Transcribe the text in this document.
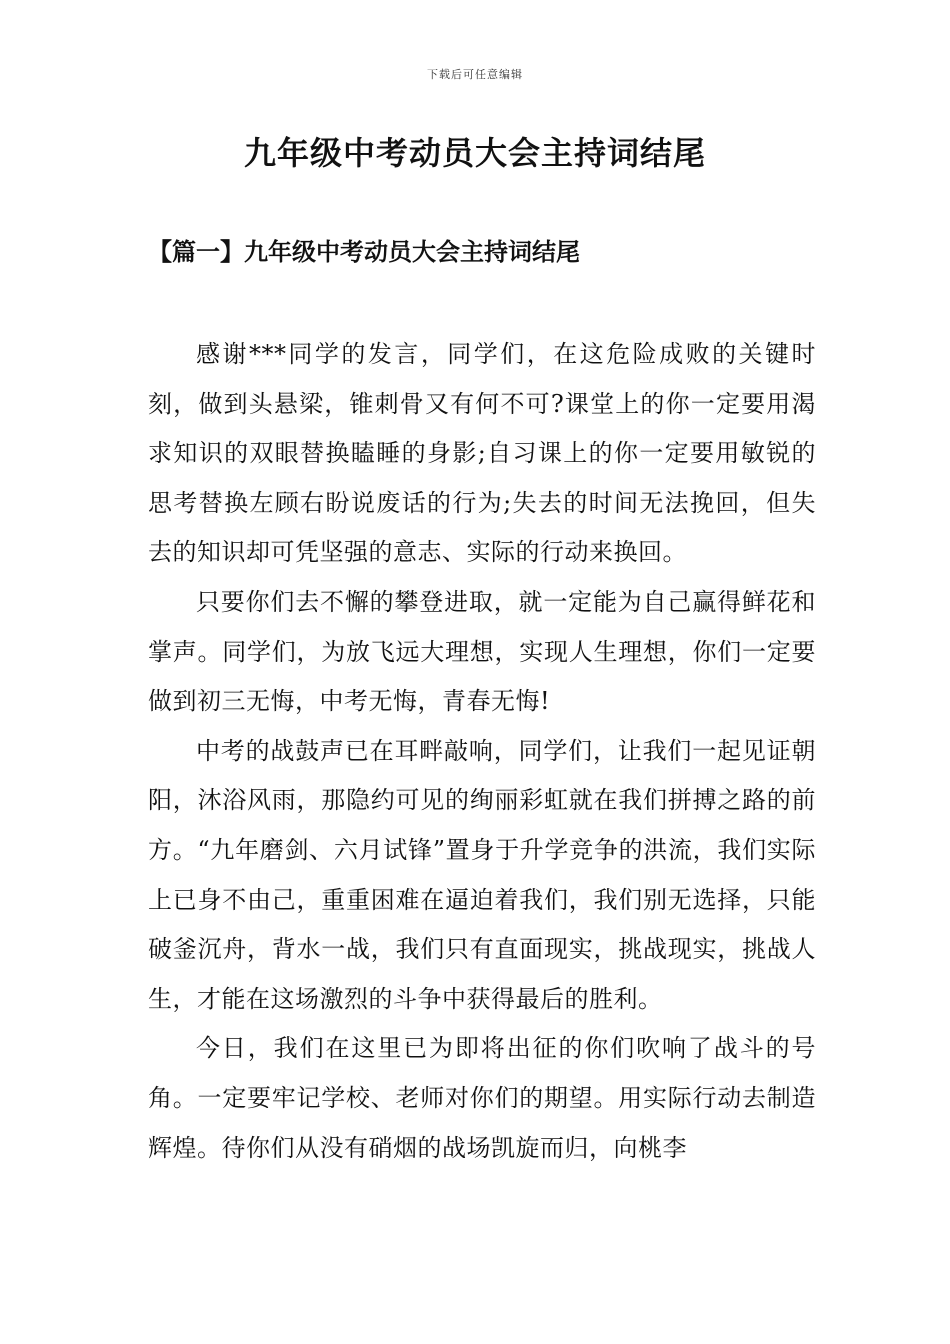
下载后可任意编辑
九年级中考动员大会主持词结尾
【篇一】九年级中考动员大会主持词结尾

感谢***同学的发言，同学们，在这危险成败的关键时刻，做到头悬梁，锥刺骨又有何不可?课堂上的你一定要用渴求知识的双眼替换瞌睡的身影;自习课上的你一定要用敏锐的思考替换左顾右盼说废话的行为;失去的时间无法挽回，但失去的知识却可凭坚强的意志、实际的行动来换回。

只要你们去不懈的攀登进取，就一定能为自己赢得鲜花和掌声。同学们，为放飞远大理想，实现人生理想，你们一定要做到初三无悔，中考无悔，青春无悔!

中考的战鼓声已在耳畔敲响，同学们，让我们一起见证朝阳，沐浴风雨，那隐约可见的绚丽彩虹就在我们拼搏之路的前方。“九年磨剑、六月试锋”置身于升学竞争的洪流，我们实际上已身不由己，重重困难在逼迫着我们，我们别无选择，只能破釜沉舟，背水一战，我们只有直面现实，挑战现实，挑战人生，才能在这场激烈的斗争中获得最后的胜利。

今日，我们在这里已为即将出征的你们吹响了战斗的号角。一定要牢记学校、老师对你们的期望。用实际行动去制造辉煌。待你们从没有硝烟的战场凯旋而归，向桃李
